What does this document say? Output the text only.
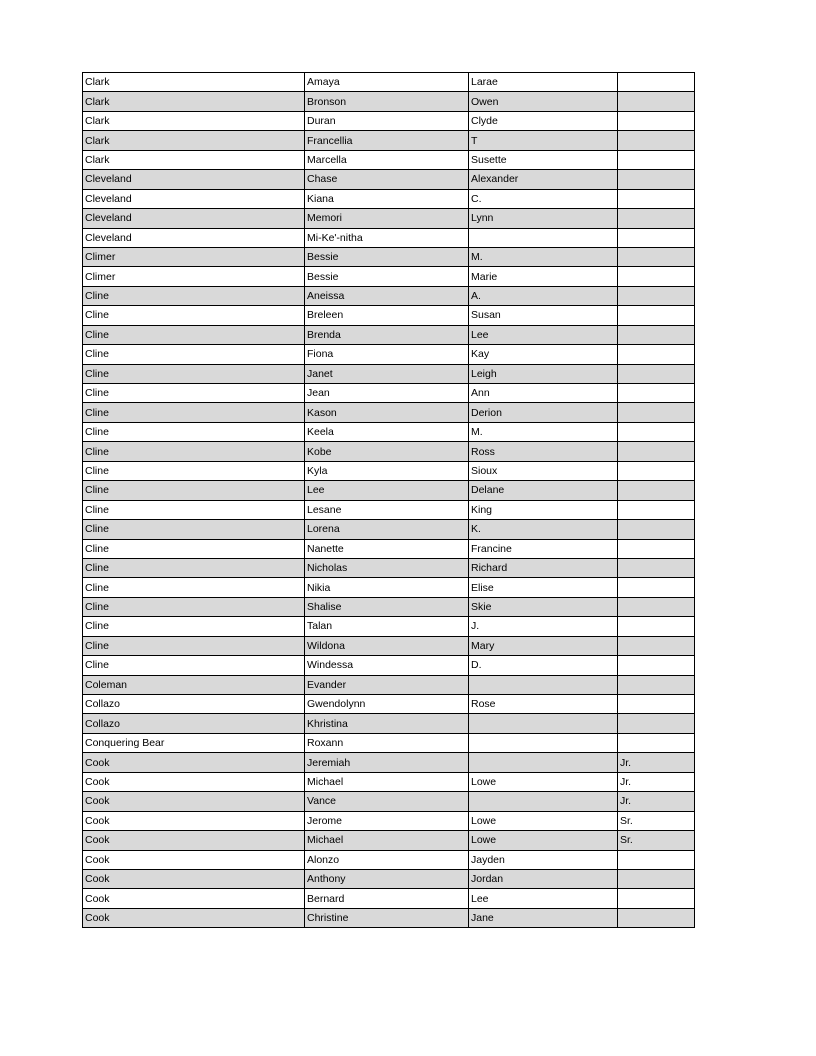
Clark	Amaya	Larae	
Clark	Bronson	Owen	
Clark	Duran	Clyde	
Clark	Francellia	T	
Clark	Marcella	Susette	
Cleveland	Chase	Alexander	
Cleveland	Kiana	C.	
Cleveland	Memori	Lynn	
Cleveland	Mi-Ke'-nitha		
Climer	Bessie	M.	
Climer	Bessie	Marie	
Cline	Aneissa	A.	
Cline	Breleen	Susan	
Cline	Brenda	Lee	
Cline	Fiona	Kay	
Cline	Janet	Leigh	
Cline	Jean	Ann	
Cline	Kason	Derion	
Cline	Keela	M.	
Cline	Kobe	Ross	
Cline	Kyla	Sioux	
Cline	Lee	Delane	
Cline	Lesane	King	
Cline	Lorena	K.	
Cline	Nanette	Francine	
Cline	Nicholas	Richard	
Cline	Nikia	Elise	
Cline	Shalise	Skie	
Cline	Talan	J.	
Cline	Wildona	Mary	
Cline	Windessa	D.	
Coleman	Evander		
Collazo	Gwendolynn	Rose	
Collazo	Khristina		
Conquering Bear	Roxann		
Cook	Jeremiah		Jr.
Cook	Michael	Lowe	Jr.
Cook	Vance		Jr.
Cook	Jerome	Lowe	Sr.
Cook	Michael	Lowe	Sr.
Cook	Alonzo	Jayden	
Cook	Anthony	Jordan	
Cook	Bernard	Lee	
Cook	Christine	Jane	
